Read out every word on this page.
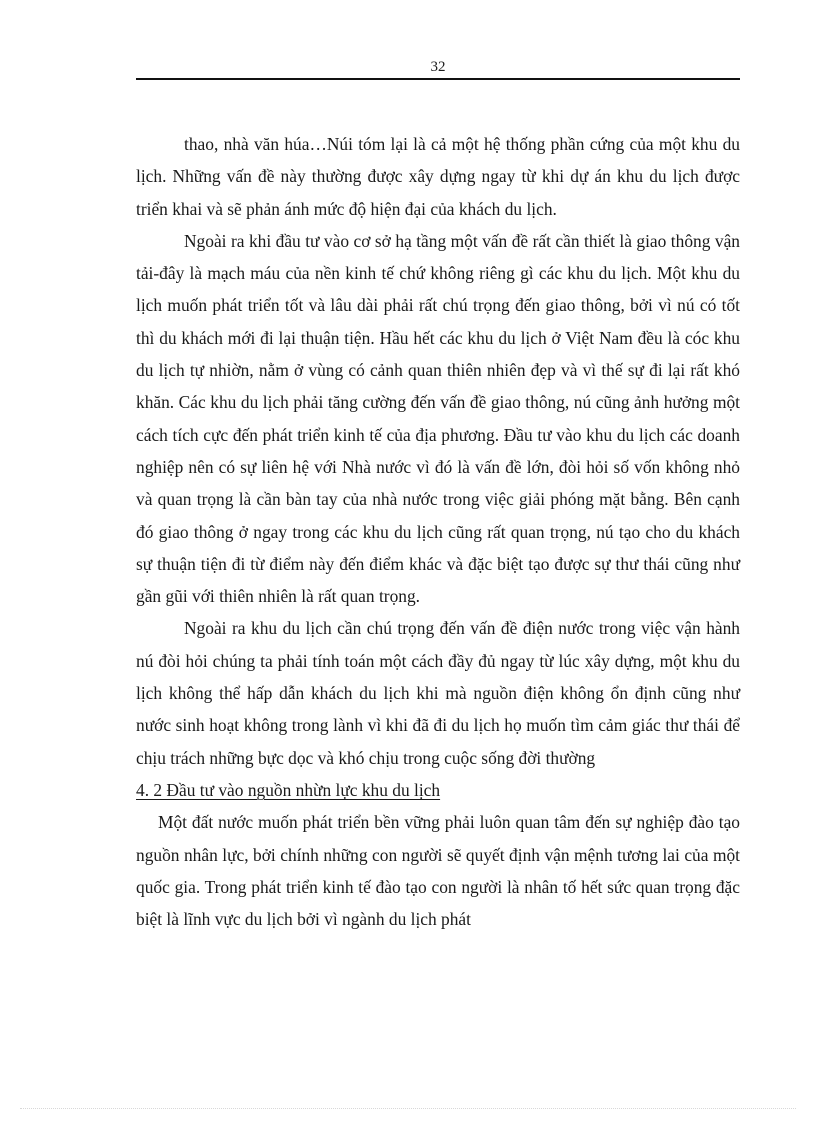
32

thao, nhà văn húa…Núi tóm lại là cả một hệ thống phần cứng của một khu du lịch. Những vấn đề này thường được xây dựng ngay từ khi dự án khu du lịch được triển khai và sẽ phản ánh mức độ hiện đại của khách du lịch.

Ngoài ra khi đầu tư vào cơ sở hạ tầng một vấn đề rất cần thiết là giao thông vận tải-đây là mạch máu của nền kinh tế chứ không riêng gì các khu du lịch. Một khu du lịch muốn phát triển tốt và lâu dài phải rất chú trọng đến giao thông, bởi vì nú có tốt thì du khách mới đi lại thuận tiện. Hầu hết các khu du lịch ở Việt Nam đều là cóc khu du lịch tự nhiờn, nằm ở vùng có cảnh quan thiên nhiên đẹp và vì thế sự đi lại rất khó khăn. Các khu du lịch phải tăng cường đến vấn đề giao thông, nú cũng ảnh hưởng một cách tích cực đến phát triển kinh tế của địa phương. Đầu tư vào khu du lịch các doanh nghiệp nên có sự liên hệ với Nhà nước vì đó là vấn đề lớn, đòi hỏi số vốn không nhỏ và quan trọng là cần bàn tay của nhà nước trong việc giải phóng mặt bằng. Bên cạnh đó giao thông ở ngay trong các khu du lịch cũng rất quan trọng, nú tạo cho du khách sự thuận tiện đi từ điểm này đến điểm khác và đặc biệt tạo được sự thư thái cũng như gần gũi với thiên nhiên là rất quan trọng.

Ngoài ra khu du lịch cần chú trọng đến vấn đề điện nước trong việc vận hành nú đòi hỏi chúng ta phải tính toán một cách đầy đủ ngay từ lúc xây dựng, một khu du lịch không thể hấp dẫn khách du lịch khi mà nguồn điện không ổn định cũng như nước sinh hoạt không trong lành vì khi đã đi du lịch họ muốn tìm cảm giác thư thái để chịu trách những bực dọc và khó chịu trong cuộc sống đời thường

4. 2 Đầu tư vào nguồn nhừn lực khu du lịch

Một đất nước muốn phát triển bền vững phải luôn quan tâm đến sự nghiệp đào tạo nguồn nhân lực, bởi chính những con người sẽ quyết định vận mệnh tương lai của một quốc gia. Trong phát triển kinh tế đào tạo con người là nhân tố hết sức quan trọng đặc biệt là lĩnh vực du lịch bởi vì ngành du lịch phát
